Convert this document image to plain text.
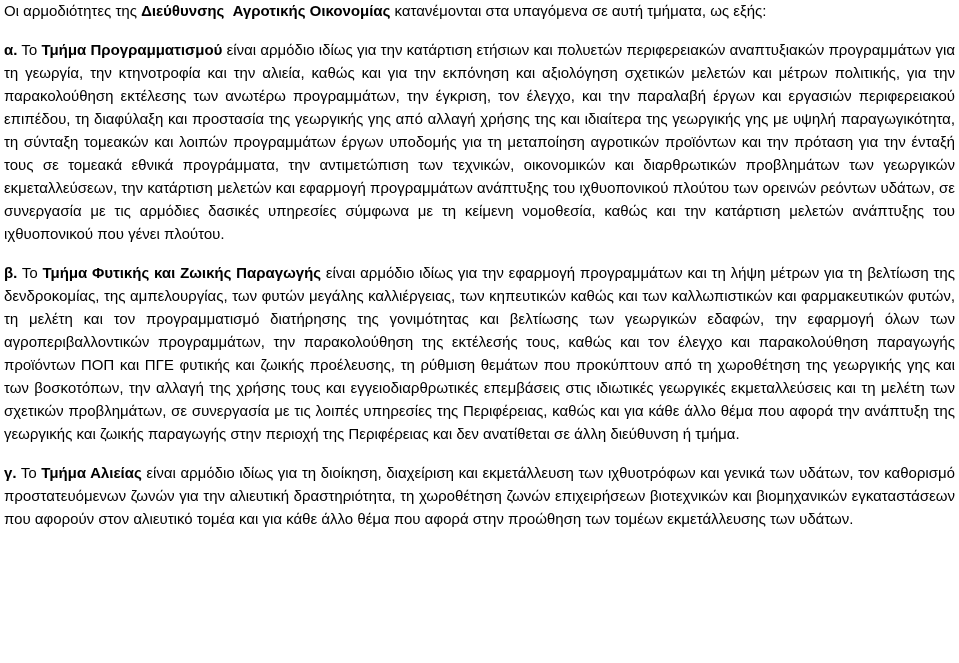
Οι αρμοδιότητες της Διεύθυνσης Αγροτικής Οικονομίας κατανέμονται στα υπαγόμενα σε αυτή τμήματα, ως εξής:

α. Το Τμήμα Προγραμματισμού είναι αρμόδιο ιδίως για την κατάρτιση ετήσιων και πολυετών περιφερειακών αναπτυξιακών προγραμμάτων για τη γεωργία, την κτηνοτροφία και την αλιεία, καθώς και για την εκπόνηση και αξιολόγηση σχετικών μελετών και μέτρων πολιτικής, για την παρακολούθηση εκτέλεσης των ανωτέρω προγραμμάτων, την έγκριση, τον έλεγχο, και την παραλαβή έργων και εργασιών περιφερειακού επιπέδου, τη διαφύλαξη και προστασία της γεωργικής γης από αλλαγή χρήσης της και ιδιαίτερα της γεωργικής γης με υψηλή παραγωγικότητα, τη σύνταξη τομεακών και λοιπών προγραμμάτων έργων υποδομής για τη μεταποίηση αγροτικών προϊόντων και την πρόταση για την ένταξή τους σε τομεακά εθνικά προγράμματα, την αντιμετώπιση των τεχνικών, οικονομικών και διαρθρωτικών προβλημάτων των γεωργικών εκμεταλλεύσεων, την κατάρτιση μελετών και εφαρμογή προγραμμάτων ανάπτυξης του ιχθυοπονικού πλούτου των ορεινών ρεόντων υδάτων, σε συνεργασία με τις αρμόδιες δασικές υπηρεσίες σύμφωνα με τη κείμενη νομοθεσία, καθώς και την κατάρτιση μελετών ανάπτυξης του ιχθυοπονικού που γένει πλούτου.

β. Το Τμήμα Φυτικής και Ζωικής Παραγωγής είναι αρμόδιο ιδίως για την εφαρμογή προγραμμάτων και τη λήψη μέτρων για τη βελτίωση της δενδροκομίας, της αμπελουργίας, των φυτών μεγάλης καλλιέργειας, των κηπευτικών καθώς και των καλλωπιστικών και φαρμακευτικών φυτών, τη μελέτη και τον προγραμματισμό διατήρησης της γονιμότητας και βελτίωσης των γεωργικών εδαφών, την εφαρμογή όλων των αγροπεριβαλλοντικών προγραμμάτων, την παρακολούθηση της εκτέλεσής τους, καθώς και τον έλεγχο και παρακολούθηση παραγωγής προϊόντων ΠΟΠ και ΠΓΕ φυτικής και ζωικής προέλευσης, τη ρύθμιση θεμάτων που προκύπτουν από τη χωροθέτηση της γεωργικής γης και των βοσκοτόπων, την αλλαγή της χρήσης τους και εγγειοδιαρθρωτικές επεμβάσεις στις ιδιωτικές γεωργικές εκμεταλλεύσεις και τη μελέτη των σχετικών προβλημάτων, σε συνεργασία με τις λοιπές υπηρεσίες της Περιφέρειας, καθώς και για κάθε άλλο θέμα που αφορά την ανάπτυξη της γεωργικής και ζωικής παραγωγής στην περιοχή της Περιφέρειας και δεν ανατίθεται σε άλλη διεύθυνση ή τμήμα.

γ. Το Τμήμα Αλιείας είναι αρμόδιο ιδίως για τη διοίκηση, διαχείριση και εκμετάλλευση των ιχθυοτρόφων και γενικά των υδάτων, τον καθορισμό προστατευόμενων ζωνών για την αλιευτική δραστηριότητα, τη χωροθέτηση ζωνών επιχειρήσεων βιοτεχνικών και βιομηχανικών εγκαταστάσεων που αφορούν στον αλιευτικό τομέα και για κάθε άλλο θέμα που αφορά στην προώθηση των τομέων εκμετάλλευσης των υδάτων.
